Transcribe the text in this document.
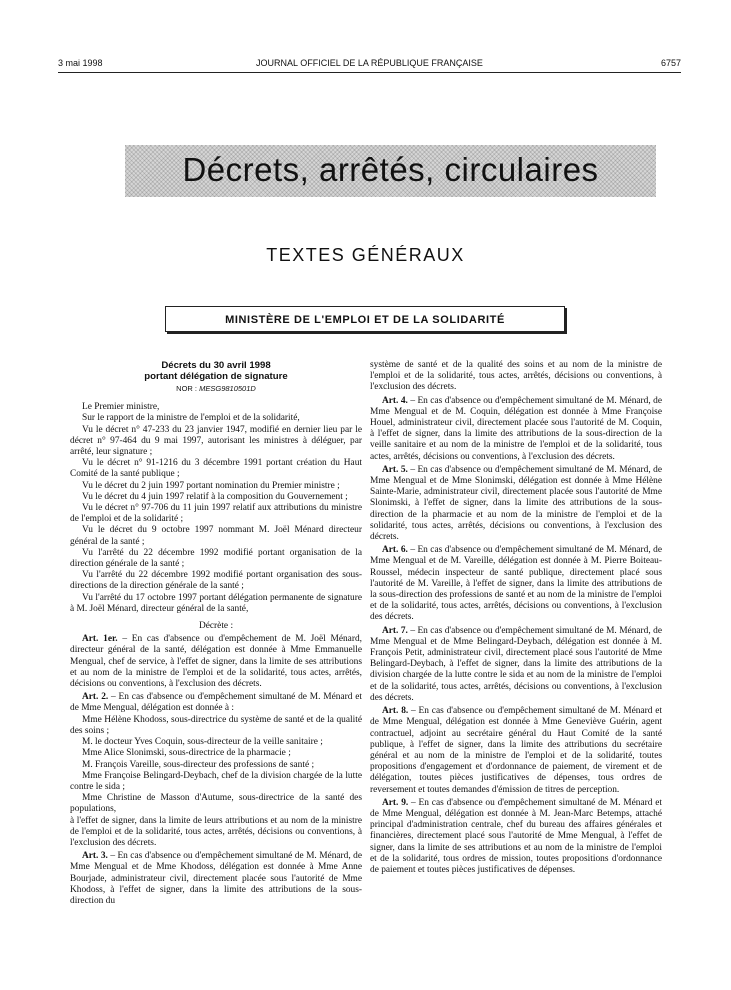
3 mai 1998	JOURNAL OFFICIEL DE LA RÉPUBLIQUE FRANÇAISE	6757
Décrets, arrêtés, circulaires
TEXTES GÉNÉRAUX
MINISTÈRE DE L'EMPLOI ET DE LA SOLIDARITÉ
Décrets du 30 avril 1998
portant délégation de signature
NOR : MESG9810501D

Le Premier ministre,

Sur le rapport de la ministre de l'emploi et de la solidarité,

Vu le décret n° 47-233 du 23 janvier 1947, modifié en dernier lieu par le décret n° 97-464 du 9 mai 1997, autorisant les ministres à déléguer, par arrêté, leur signature ;

Vu le décret n° 91-1216 du 3 décembre 1991 portant création du Haut Comité de la santé publique ;

Vu le décret du 2 juin 1997 portant nomination du Premier ministre ;

Vu le décret du 4 juin 1997 relatif à la composition du Gouvernement ;

Vu le décret n° 97-706 du 11 juin 1997 relatif aux attributions du ministre de l'emploi et de la solidarité ;

Vu le décret du 9 octobre 1997 nommant M. Joël Ménard directeur général de la santé ;

Vu l'arrêté du 22 décembre 1992 modifié portant organisation de la direction générale de la santé ;

Vu l'arrêté du 22 décembre 1992 modifié portant organisation des sous-directions de la direction générale de la santé ;

Vu l'arrêté du 17 octobre 1997 portant délégation permanente de signature à M. Joël Ménard, directeur général de la santé,

Décrète :

Art. 1er. – En cas d'absence ou d'empêchement de M. Joël Ménard, directeur général de la santé, délégation est donnée à Mme Emmanuelle Mengual, chef de service, à l'effet de signer, dans la limite de ses attributions et au nom de la ministre de l'emploi et de la solidarité, tous actes, arrêtés, décisions ou conventions, à l'exclusion des décrets.

Art. 2. – En cas d'absence ou d'empêchement simultané de M. Ménard et de Mme Mengual, délégation est donnée à :

Mme Hélène Khodoss, sous-directrice du système de santé et de la qualité des soins ;

M. le docteur Yves Coquin, sous-directeur de la veille sanitaire ;

Mme Alice Slonimski, sous-directrice de la pharmacie ;

M. François Vareille, sous-directeur des professions de santé ;

Mme Françoise Belingard-Deybach, chef de la division chargée de la lutte contre le sida ;

Mme Christine de Masson d'Autume, sous-directrice de la santé des populations,

à l'effet de signer, dans la limite de leurs attributions et au nom de la ministre de l'emploi et de la solidarité, tous actes, arrêtés, décisions ou conventions, à l'exclusion des décrets.

Art. 3. – En cas d'absence ou d'empêchement simultané de M. Ménard, de Mme Mengual et de Mme Khodoss, délégation est donnée à Mme Anne Bourjade, administrateur civil, directement placée sous l'autorité de Mme Khodoss, à l'effet de signer, dans la limite des attributions de la sous-direction du

système de santé et de la qualité des soins et au nom de la ministre de l'emploi et de la solidarité, tous actes, arrêtés, décisions ou conventions, à l'exclusion des décrets.

Art. 4. – En cas d'absence ou d'empêchement simultané de M. Ménard, de Mme Mengual et de M. Coquin, délégation est donnée à Mme Françoise Houel, administrateur civil, directement placée sous l'autorité de M. Coquin, à l'effet de signer, dans la limite des attributions de la sous-direction de la veille sanitaire et au nom de la ministre de l'emploi et de la solidarité, tous actes, arrêtés, décisions ou conventions, à l'exclusion des décrets.

Art. 5. – En cas d'absence ou d'empêchement simultané de M. Ménard, de Mme Mengual et de Mme Slonimski, délégation est donnée à Mme Hélène Sainte-Marie, administrateur civil, directement placée sous l'autorité de Mme Slonimski, à l'effet de signer, dans la limite des attributions de la sous-direction de la pharmacie et au nom de la ministre de l'emploi et de la solidarité, tous actes, arrêtés, décisions ou conventions, à l'exclusion des décrets.

Art. 6. – En cas d'absence ou d'empêchement simultané de M. Ménard, de Mme Mengual et de M. Vareille, délégation est donnée à M. Pierre Boiteau-Roussel, médecin inspecteur de santé publique, directement placé sous l'autorité de M. Vareille, à l'effet de signer, dans la limite des attributions de la sous-direction des professions de santé et au nom de la ministre de l'emploi et de la solidarité, tous actes, arrêtés, décisions ou conventions, à l'exclusion des décrets.

Art. 7. – En cas d'absence ou d'empêchement simultané de M. Ménard, de Mme Mengual et de Mme Belingard-Deybach, délégation est donnée à M. François Petit, administrateur civil, directement placé sous l'autorité de Mme Belingard-Deybach, à l'effet de signer, dans la limite des attributions de la division chargée de la lutte contre le sida et au nom de la ministre de l'emploi et de la solidarité, tous actes, arrêtés, décisions ou conventions, à l'exclusion des décrets.

Art. 8. – En cas d'absence ou d'empêchement simultané de M. Ménard et de Mme Mengual, délégation est donnée à Mme Geneviève Guérin, agent contractuel, adjoint au secrétaire général du Haut Comité de la santé publique, à l'effet de signer, dans la limite des attributions du secrétaire général et au nom de la ministre de l'emploi et de la solidarité, toutes propositions d'engagement et d'ordonnance de paiement, de virement et de délégation, toutes pièces justificatives de dépenses, tous ordres de reversement et toutes demandes d'émission de titres de perception.

Art. 9. – En cas d'absence ou d'empêchement simultané de M. Ménard et de Mme Mengual, délégation est donnée à M. Jean-Marc Betemps, attaché principal d'administration centrale, chef du bureau des affaires générales et financières, directement placé sous l'autorité de Mme Mengual, à l'effet de signer, dans la limite de ses attributions et au nom de la ministre de l'emploi et de la solidarité, tous ordres de mission, toutes propositions d'ordonnance de paiement et toutes pièces justificatives de dépenses.
